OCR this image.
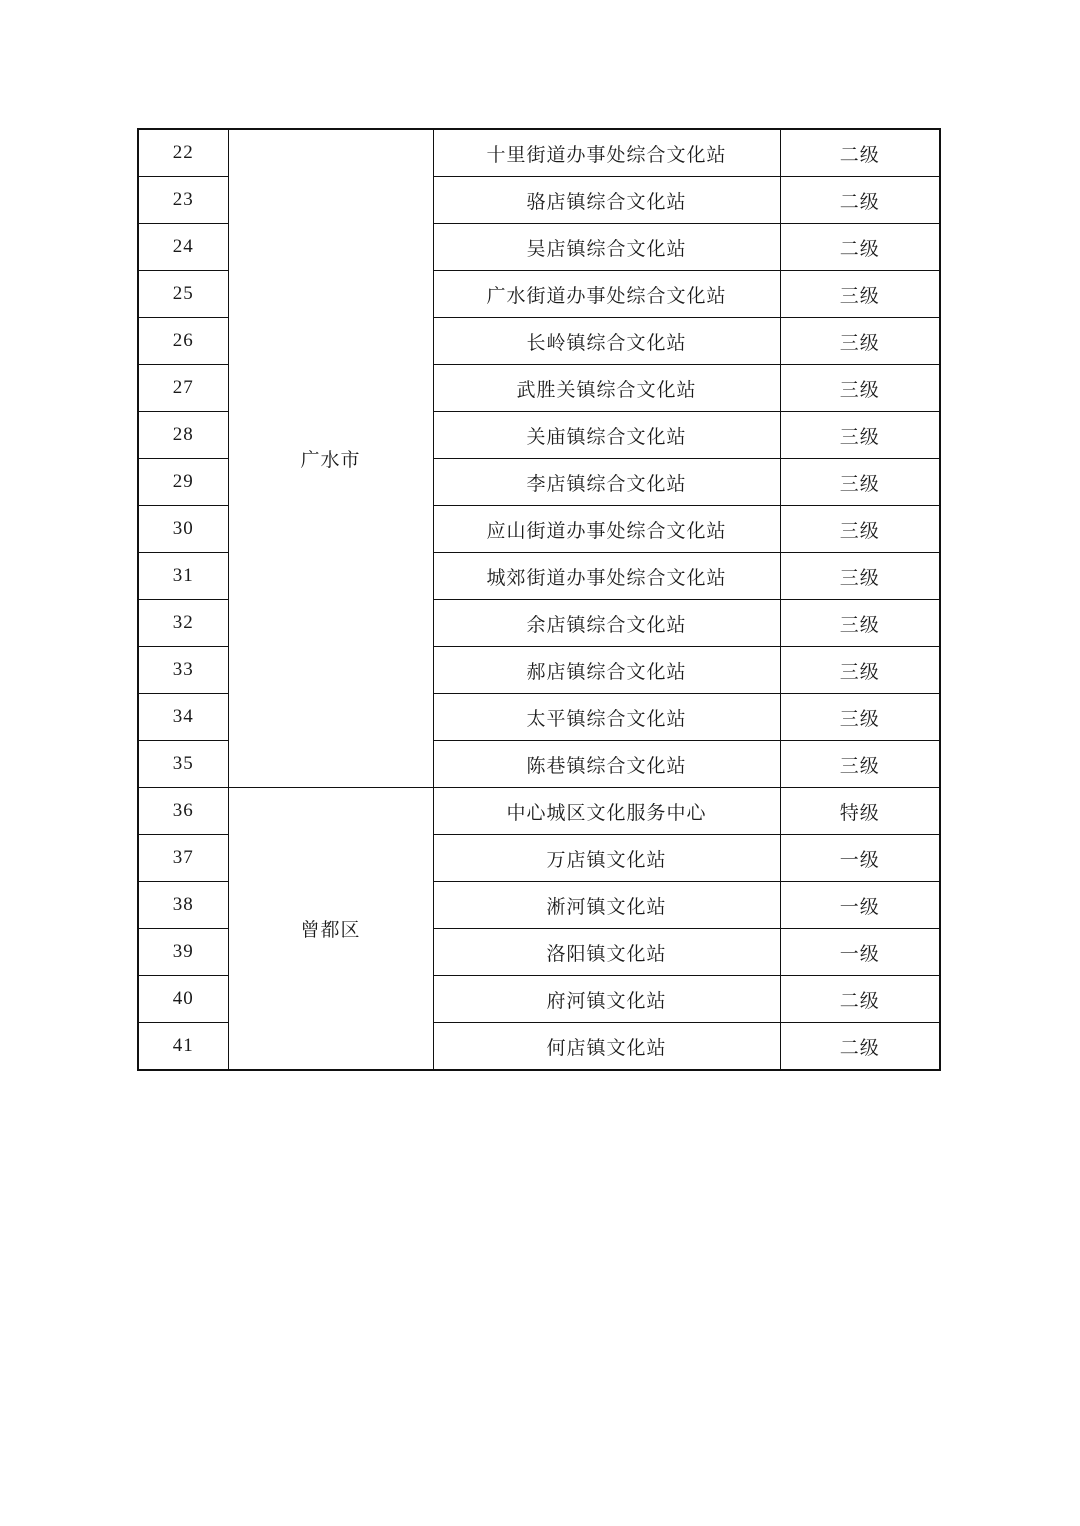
22	广水市	十里街道办事处综合文化站	二级
23		骆店镇综合文化站	二级
24		吴店镇综合文化站	二级
25		广水街道办事处综合文化站	三级
26		长岭镇综合文化站	三级
27		武胜关镇综合文化站	三级
28		关庙镇综合文化站	三级
29		李店镇综合文化站	三级
30		应山街道办事处综合文化站	三级
31		城郊街道办事处综合文化站	三级
32		余店镇综合文化站	三级
33		郝店镇综合文化站	三级
34		太平镇综合文化站	三级
35		陈巷镇综合文化站	三级
36	曾都区	中心城区文化服务中心	特级
37		万店镇文化站	一级
38		淅河镇文化站	一级
39		洛阳镇文化站	一级
40		府河镇文化站	二级
41		何店镇文化站	二级
